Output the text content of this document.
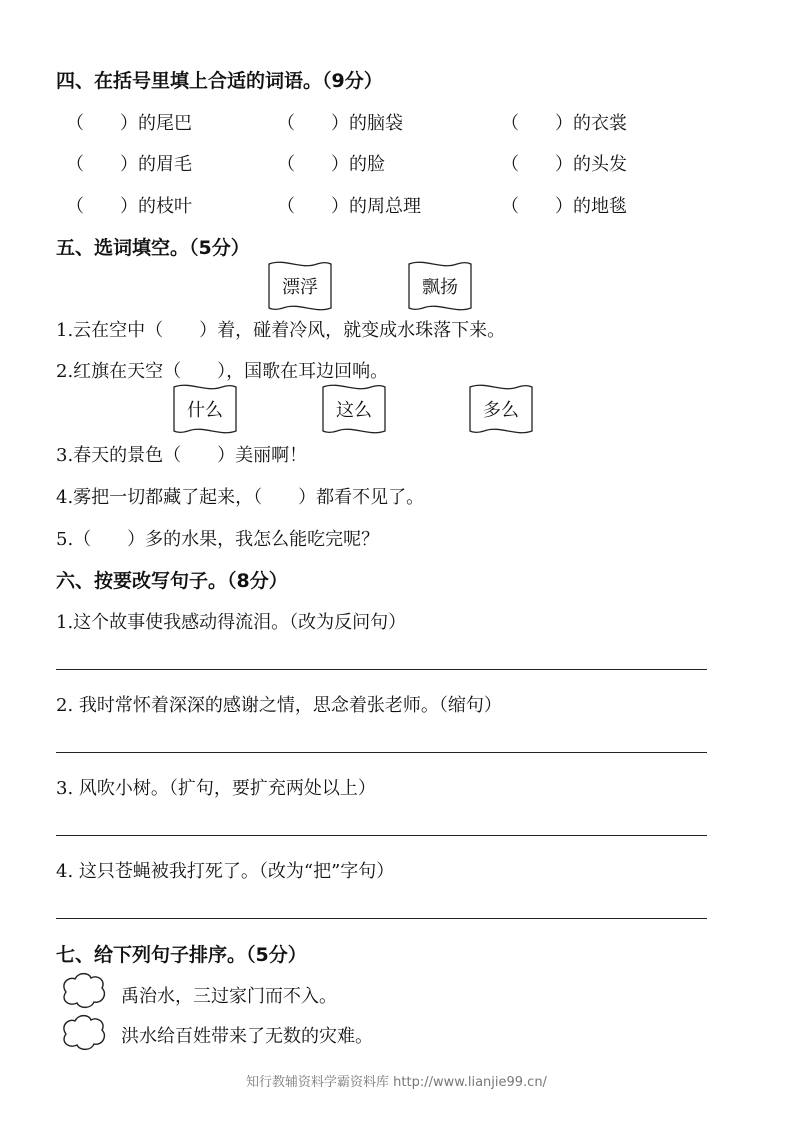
四、在括号里填上合适的词语。（9分）
（　　）的尾巴	（　　）的脑袋	（　　）的衣裳
（　　）的眉毛	（　　）的脸	（　　）的头发
（　　）的枝叶	（　　）的周总理	（　　）的地毯
五、选词填空。（5分）
漂浮	飘扬
1.云在空中（　　）着，碰着冷风，就变成水珠落下来。
2.红旗在天空（　　），国歌在耳边回响。
什么	这么	多么
3.春天的景色（　　）美丽啊！
4.雾把一切都藏了起来，（　　）都看不见了。
5.（　　）多的水果，我怎么能吃完呢？
六、按要改写句子。（8分）
1.这个故事使我感动得流泪。（改为反问句）
2. 我时常怀着深深的感谢之情，思念着张老师。（缩句）
3. 风吹小树。（扩句，要扩充两处以上）
4. 这只苍蝇被我打死了。（改为“把”字句）
七、给下列句子排序。（5分）
禹治水，三过家门而不入。
洪水给百姓带来了无数的灾难。
知行教辅资料学霸资料库 http://www.lianjie99.cn/
